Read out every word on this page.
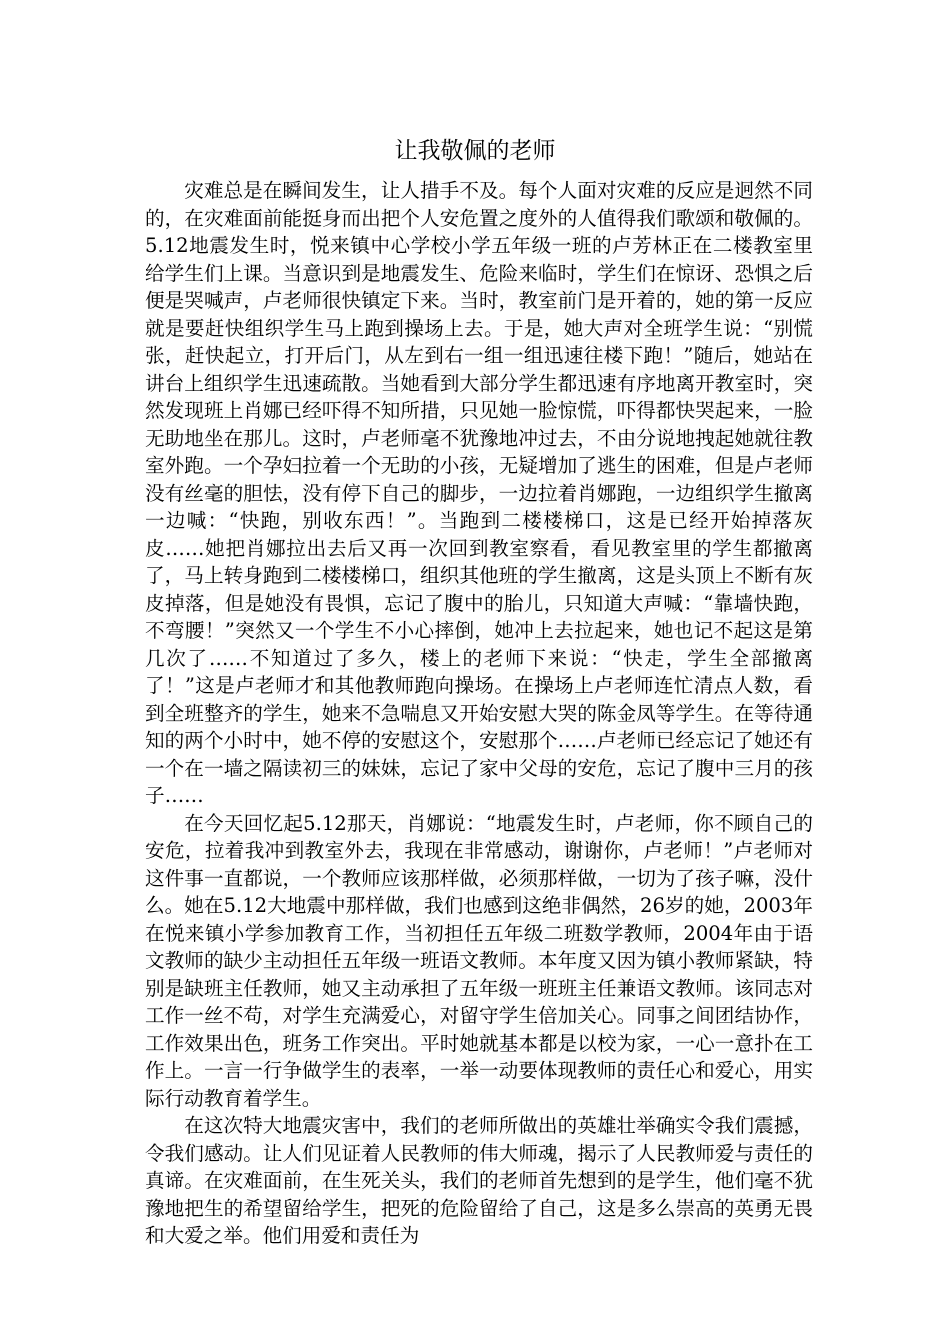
让我敬佩的老师

灾难总是在瞬间发生，让人措手不及。每个人面对灾难的反应是迥然不同的，在灾难面前能挺身而出把个人安危置之度外的人值得我们歌颂和敬佩的。5.12地震发生时，悦来镇中心学校小学五年级一班的卢芳林正在二楼教室里给学生们上课。当意识到是地震发生、危险来临时，学生们在惊讶、恐惧之后便是哭喊声，卢老师很快镇定下来。当时，教室前门是开着的，她的第一反应就是要赶快组织学生马上跑到操场上去。于是，她大声对全班学生说：“别慌张，赶快起立，打开后门，从左到右一组一组迅速往楼下跑！”随后，她站在讲台上组织学生迅速疏散。当她看到大部分学生都迅速有序地离开教室时，突然发现班上肖娜已经吓得不知所措，只见她一脸惊慌，吓得都快哭起来，一脸无助地坐在那儿。这时，卢老师毫不犹豫地冲过去，不由分说地拽起她就往教室外跑。一个孕妇拉着一个无助的小孩，无疑增加了逃生的困难，但是卢老师没有丝毫的胆怯，没有停下自己的脚步，一边拉着肖娜跑，一边组织学生撤离一边喊：“快跑，别收东西！”。当跑到二楼楼梯口，这是已经开始掉落灰皮……她把肖娜拉出去后又再一次回到教室察看，看见教室里的学生都撤离了，马上转身跑到二楼楼梯口，组织其他班的学生撤离，这是头顶上不断有灰皮掉落，但是她没有畏惧，忘记了腹中的胎儿，只知道大声喊：“靠墙快跑，不弯腰！”突然又一个学生不小心摔倒，她冲上去拉起来，她也记不起这是第几次了……不知道过了多久，楼上的老师下来说：“快走，学生全部撤离了！”这是卢老师才和其他教师跑向操场。在操场上卢老师连忙清点人数，看到全班整齐的学生，她来不急喘息又开始安慰大哭的陈金凤等学生。在等待通知的两个小时中，她不停的安慰这个，安慰那个……卢老师已经忘记了她还有一个在一墙之隔读初三的妹妹，忘记了家中父母的安危，忘记了腹中三月的孩子……

在今天回忆起5.12那天，肖娜说：“地震发生时，卢老师，你不顾自己的安危，拉着我冲到教室外去，我现在非常感动，谢谢你，卢老师！”卢老师对这件事一直都说，一个教师应该那样做，必须那样做，一切为了孩子嘛，没什么。她在5.12大地震中那样做，我们也感到这绝非偶然，26岁的她，2003年在悦来镇小学参加教育工作，当初担任五年级二班数学教师，2004年由于语文教师的缺少主动担任五年级一班语文教师。本年度又因为镇小教师紧缺，特别是缺班主任教师，她又主动承担了五年级一班班主任兼语文教师。该同志对工作一丝不苟，对学生充满爱心，对留守学生倍加关心。同事之间团结协作，工作效果出色，班务工作突出。平时她就基本都是以校为家，一心一意扑在工作上。一言一行争做学生的表率，一举一动要体现教师的责任心和爱心，用实际行动教育着学生。

在这次特大地震灾害中，我们的老师所做出的英雄壮举确实令我们震撼，令我们感动。让人们见证着人民教师的伟大师魂，揭示了人民教师爱与责任的真谛。在灾难面前，在生死关头，我们的老师首先想到的是学生，他们毫不犹豫地把生的希望留给学生，把死的危险留给了自己，这是多么崇高的英勇无畏和大爱之举。他们用爱和责任为
